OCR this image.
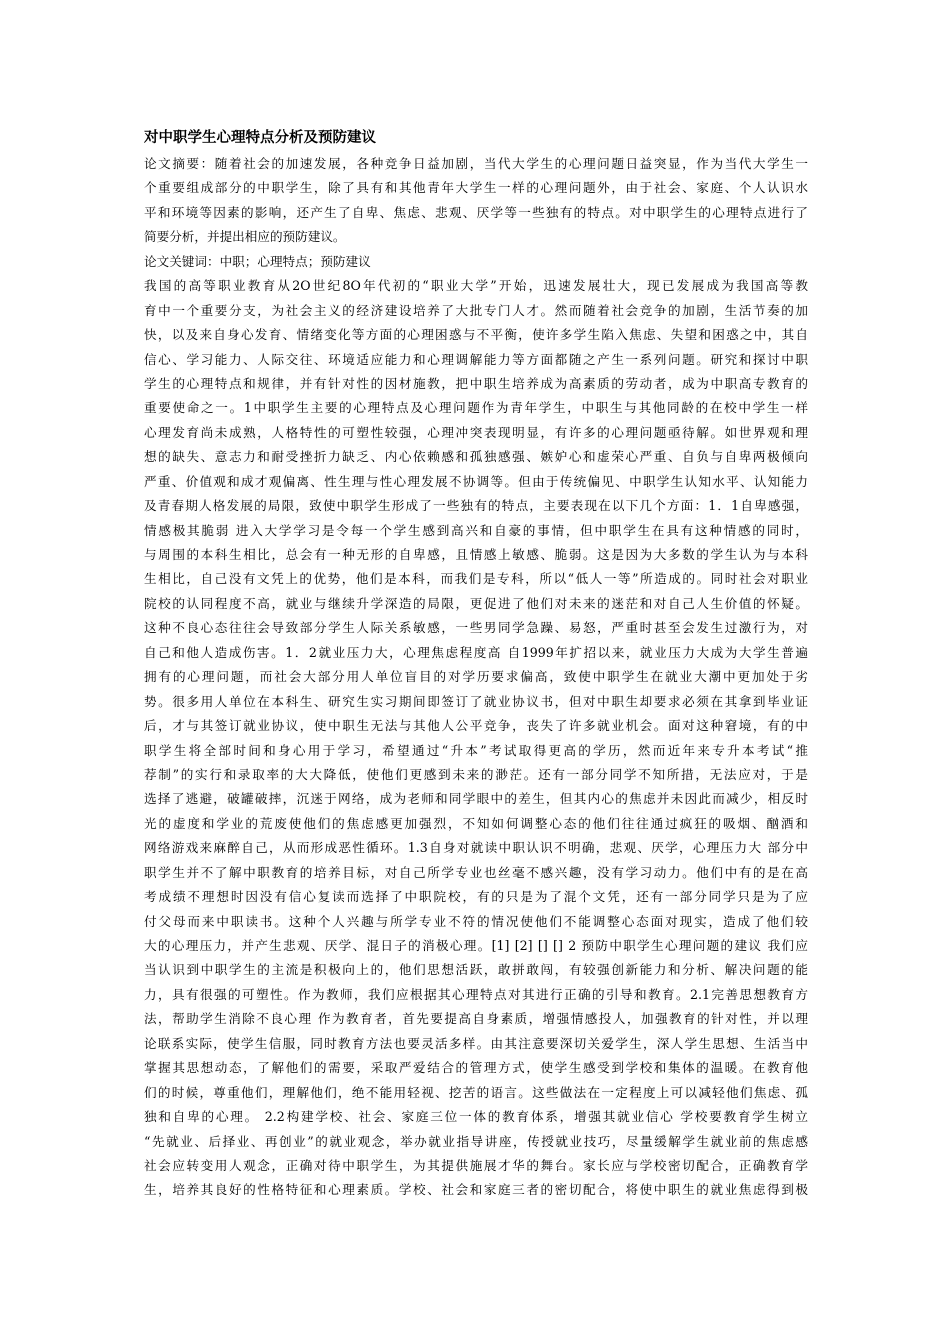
对中职学生心理特点分析及预防建议
论文摘要：随着社会的加速发展，各种竞争日益加剧，当代大学生的心理问题日益突显，作为当代大学生一
个重要组成部分的中职学生，除了具有和其他青年大学生一样的心理问题外，由于社会、家庭、个人认识水
平和环境等因素的影响，还产生了自卑、焦虑、悲观、厌学等一些独有的特点。对中职学生的心理特点进行了
简要分析，并提出相应的预防建议。
论文关键词：中职；心理特点；预防建议
我国的高等职业教育从2O世纪8O年代初的“职业大学”开始，迅速发展壮大，现已发展成为我国高等教
育中一个重要分支，为社会主义的经济建设培养了大批专门人才。然而随着社会竞争的加剧，生活节奏的加
快，以及来自身心发育、情绪变化等方面的心理困惑与不平衡，使许多学生陷入焦虑、失望和困惑之中，其自
信心、学习能力、人际交往、环境适应能力和心理调解能力等方面都随之产生一系列问题。研究和探讨中职
学生的心理特点和规律，并有针对性的因材施教，把中职生培养成为高素质的劳动者，成为中职高专教育的
重要使命之一。1中职学生主要的心理特点及心理问题作为青年学生，中职生与其他同龄的在校中学生一样
心理发育尚未成熟，人格特性的可塑性较强，心理冲突表现明显，有许多的心理问题亟待解。如世界观和理
想的缺失、意志力和耐受挫折力缺乏、内心依赖感和孤独感强、嫉妒心和虚荣心严重、自负与自卑两极倾向
严重、价值观和成才观偏离、性生理与性心理发展不协调等。但由于传统偏见、中职学生认知水平、认知能力
及青春期人格发展的局限，致使中职学生形成了一些独有的特点，主要表现在以下几个方面：1．1自卑感强，
情感极其脆弱 进入大学学习是令每一个学生感到高兴和自豪的事情，但中职学生在具有这种情感的同时，
与周围的本科生相比，总会有一种无形的自卑感，且情感上敏感、脆弱。这是因为大多数的学生认为与本科
生相比，自己没有文凭上的优势，他们是本科，而我们是专科，所以“低人一等”所造成的。同时社会对职业
院校的认同程度不高，就业与继续升学深造的局限，更促进了他们对未来的迷茫和对自己人生价值的怀疑。
这种不良心态往往会导致部分学生人际关系敏感，一些男同学急躁、易怒，严重时甚至会发生过激行为，对
自己和他人造成伤害。1．2就业压力大，心理焦虑程度高 自1999年扩招以来，就业压力大成为大学生普遍
拥有的心理问题，而社会大部分用人单位盲目的对学历要求偏高，致使中职学生在就业大潮中更加处于劣
势。很多用人单位在本科生、研究生实习期间即签订了就业协议书，但对中职生却要求必须在其拿到毕业证
后，才与其签订就业协议，使中职生无法与其他人公平竞争，丧失了许多就业机会。面对这种窘境，有的中
职学生将全部时间和身心用于学习，希望通过“升本”考试取得更高的学历，然而近年来专升本考试“推
荐制”的实行和录取率的大大降低，使他们更感到未来的渺茫。还有一部分同学不知所措，无法应对，于是
选择了逃避，破罐破摔，沉迷于网络，成为老师和同学眼中的差生，但其内心的焦虑并未因此而减少，相反时
光的虚度和学业的荒废使他们的焦虑感更加强烈，不知如何调整心态的他们往往通过疯狂的吸烟、酗酒和
网络游戏来麻醉自己，从而形成恶性循环。1.3自身对就读中职认识不明确，悲观、厌学，心理压力大 部分中
职学生并不了解中职教育的培养目标，对自己所学专业也丝毫不感兴趣，没有学习动力。他们中有的是在高
考成绩不理想时因没有信心复读而选择了中职院校，有的只是为了混个文凭，还有一部分同学只是为了应
付父母而来中职读书。这种个人兴趣与所学专业不符的情况使他们不能调整心态面对现实，造成了他们较
大的心理压力，并产生悲观、厌学、混日子的消极心理。[1] [2] [] [] 2 预防中职学生心理问题的建议 我们应
当认识到中职学生的主流是积极向上的，他们思想活跃，敢拼敢闯，有较强创新能力和分析、解决问题的能
力，具有很强的可塑性。作为教师，我们应根据其心理特点对其进行正确的引导和教育。2.1完善思想教育方
法，帮助学生消除不良心理 作为教育者，首先要提高自身素质，增强情感投人，加强教育的针对性，并以理
论联系实际，使学生信服，同时教育方法也要灵活多样。由其注意要深切关爱学生，深人学生思想、生活当中
掌握其思想动态，了解他们的需要，采取严爱结合的管理方式，使学生感受到学校和集体的温暖。在教育他
们的时候，尊重他们，理解他们，绝不能用轻视、挖苦的语言。这些做法在一定程度上可以减轻他们焦虑、孤
独和自卑的心理。 2.2构建学校、社会、家庭三位一体的教育体系，增强其就业信心 学校要教育学生树立
“先就业、后择业、再创业”的就业观念，举办就业指导讲座，传授就业技巧，尽量缓解学生就业前的焦虑感
社会应转变用人观念，正确对待中职学生，为其提供施展才华的舞台。家长应与学校密切配合，正确教育学
生，培养其良好的性格特征和心理素质。学校、社会和家庭三者的密切配合，将使中职生的就业焦虑得到极
